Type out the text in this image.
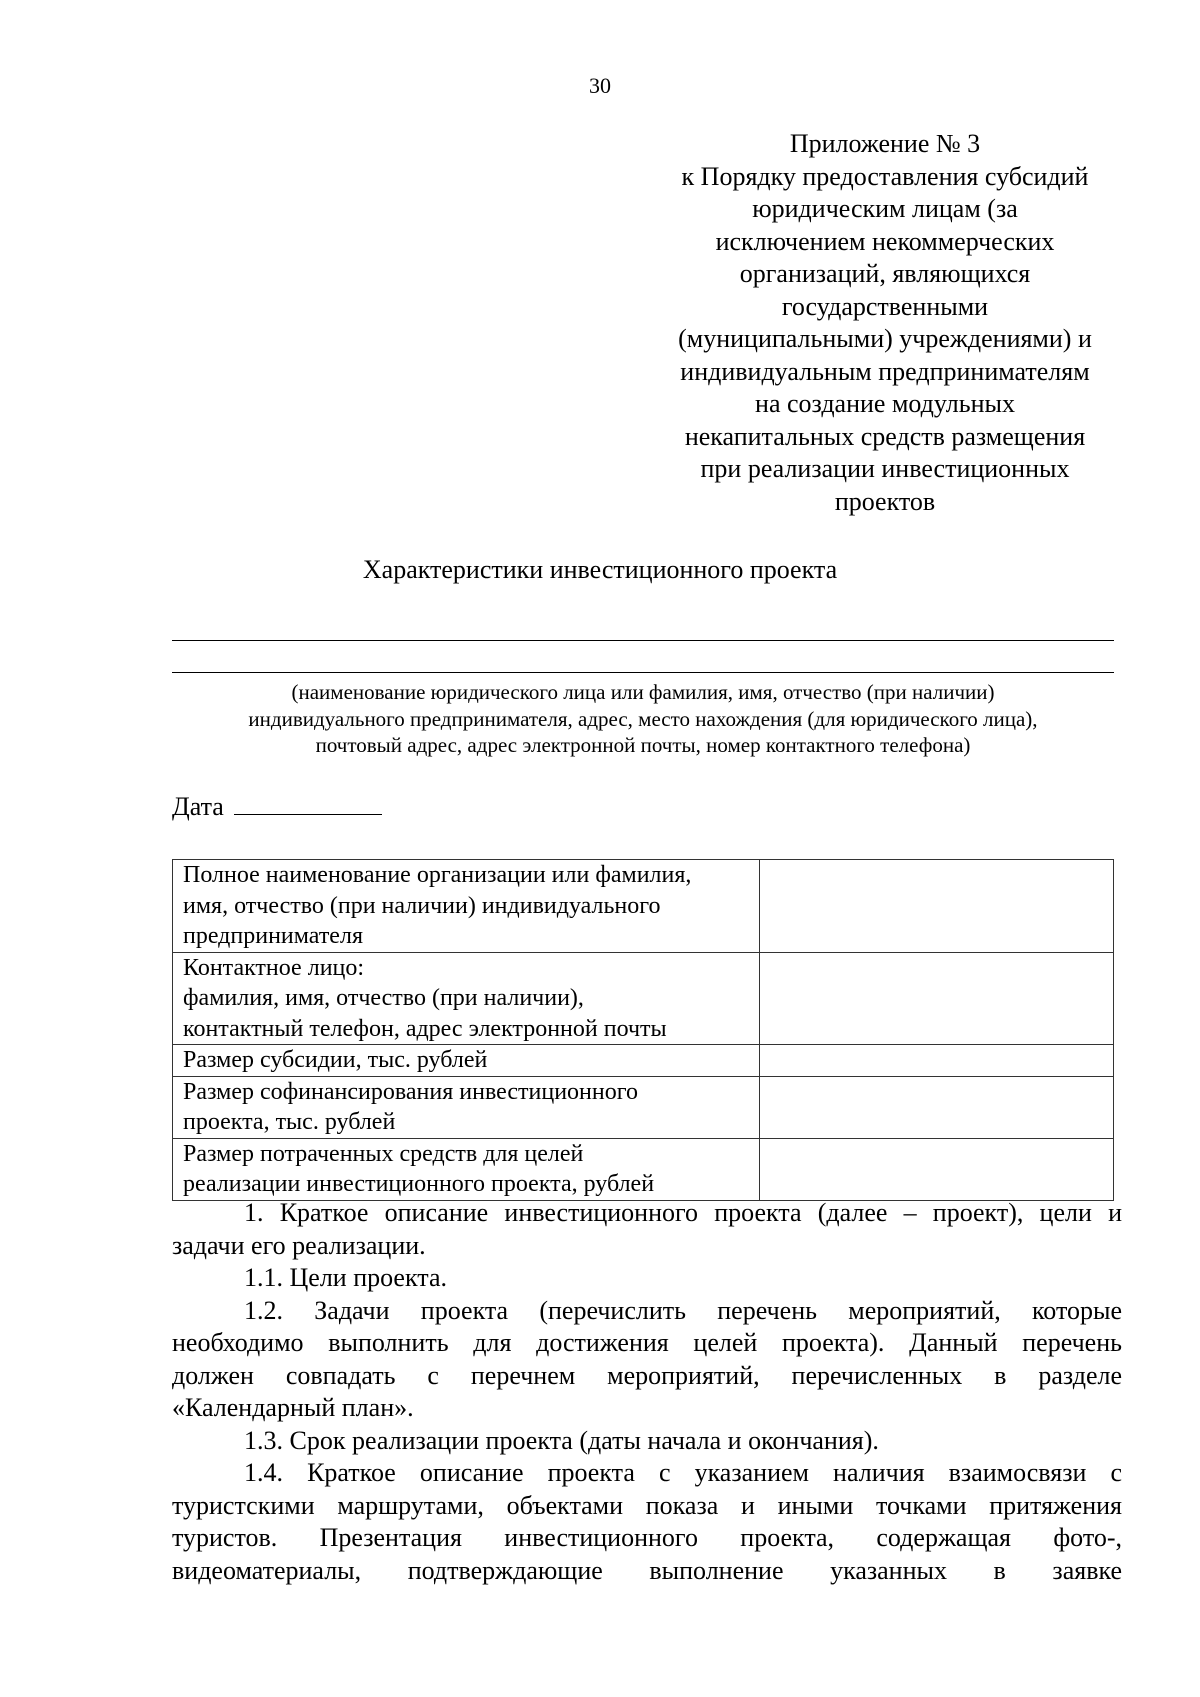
30
Приложение № 3
к Порядку предоставления субсидий
юридическим лицам (за
исключением некоммерческих
организаций, являющихся
государственными
(муниципальными) учреждениями) и
индивидуальным предпринимателям
на создание модульных
некапитальных средств размещения
при реализации инвестиционных
проектов
Характеристики инвестиционного проекта
(наименование юридического лица или фамилия, имя, отчество (при наличии)
индивидуального предпринимателя, адрес, место нахождения (для юридического лица),
почтовый адрес, адрес электронной почты, номер контактного телефона)
Дата
Полное наименование организации или фамилия,
имя, отчество (при наличии) индивидуального
предпринимателя	

Контактное лицо:
фамилия, имя, отчество (при наличии),
контактный телефон, адрес электронной почты	

Размер субсидии, тыс. рублей	

Размер софинансирования инвестиционного
проекта, тыс. рублей	

Размер потраченных средств для целей
реализации инвестиционного проекта, рублей	

1. Краткое описание инвестиционного проекта (далее – проект), цели и
задачи его реализации.
1.1. Цели проекта.
1.2. Задачи проекта (перечислить перечень мероприятий, которые
необходимо выполнить для достижения целей проекта). Данный перечень
должен совпадать с перечнем мероприятий, перечисленных в разделе
«Календарный план».
1.3. Срок реализации проекта (даты начала и окончания).
1.4. Краткое описание проекта с указанием наличия взаимосвязи с
туристскими маршрутами, объектами показа и иными точками притяжения
туристов. Презентация инвестиционного проекта, содержащая фото-,
видеоматериалы, подтверждающие выполнение указанных в заявке
